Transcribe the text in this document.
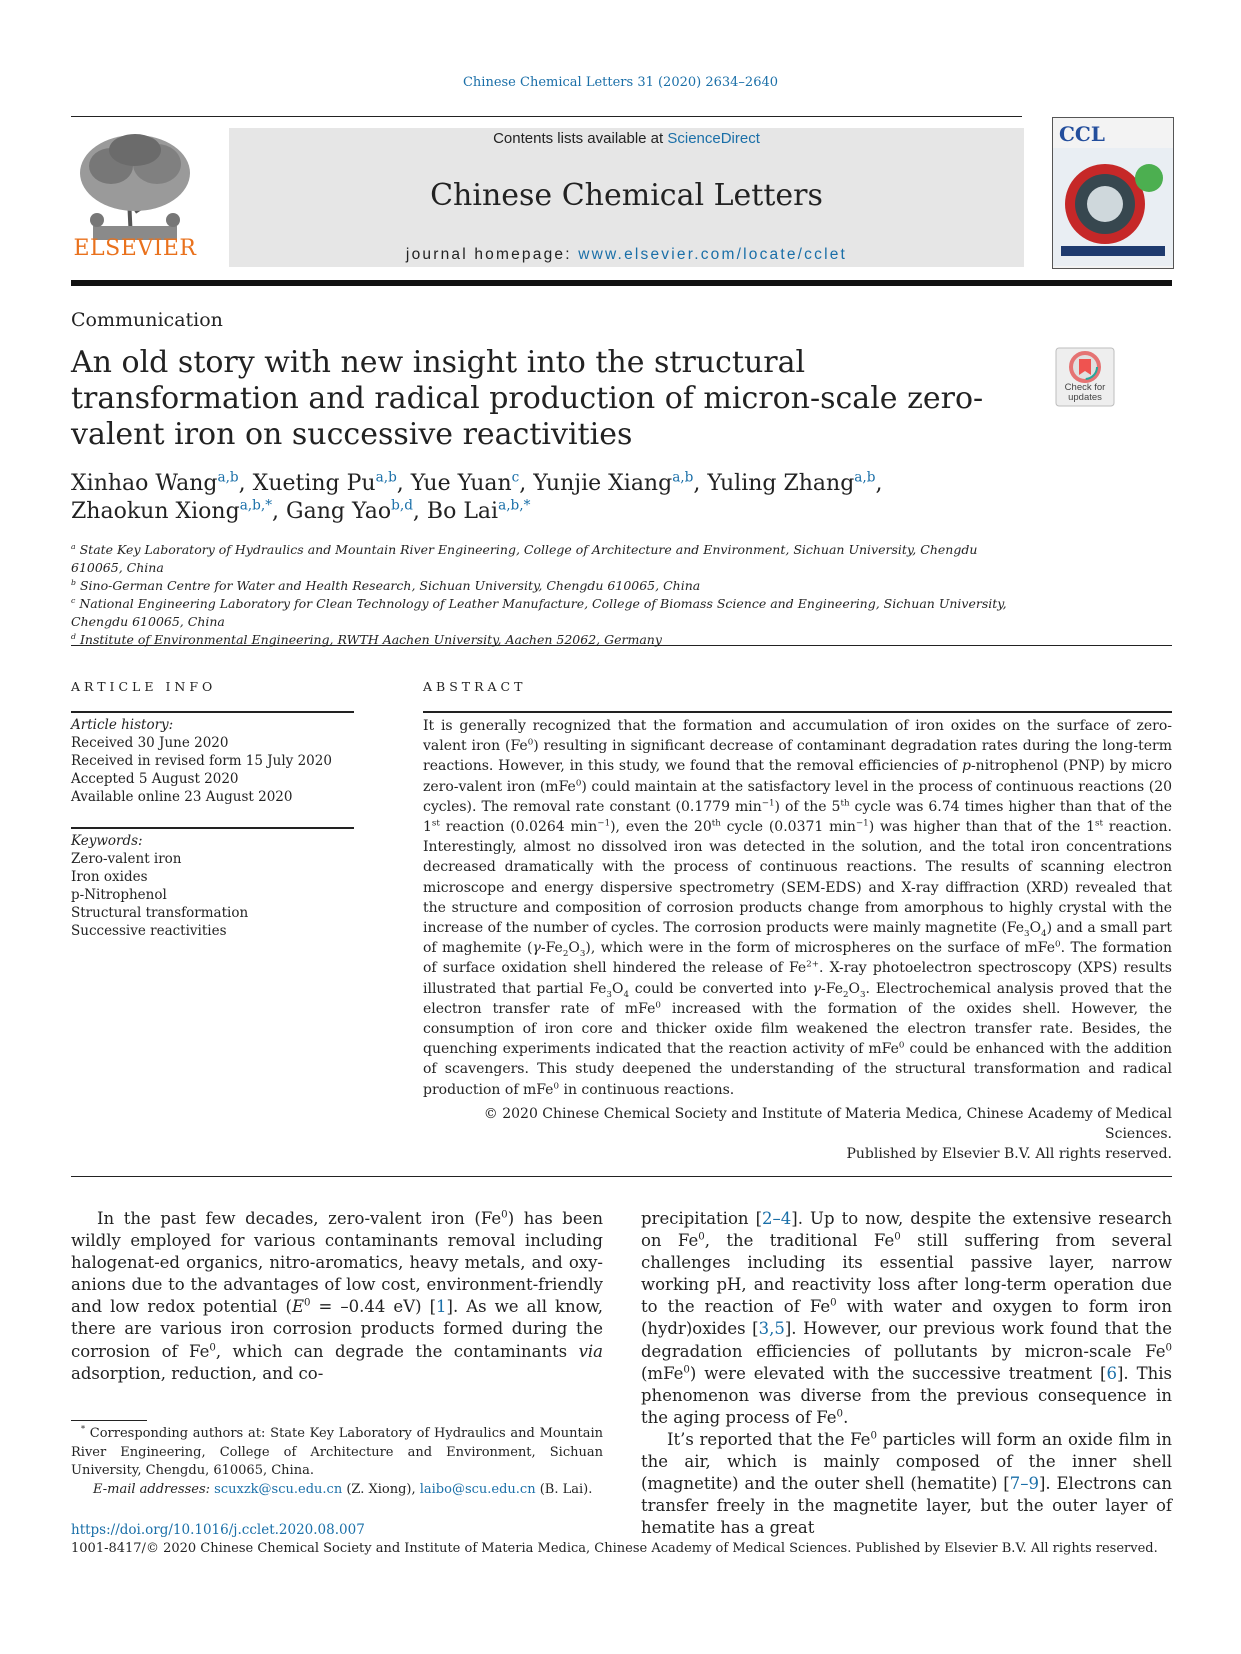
Chinese Chemical Letters 31 (2020) 2634–2640
ELSEVIER
Contents lists available at ScienceDirect
Chinese Chemical Letters
journal homepage: www.elsevier.com/locate/cclet
CCL
Communication
An old story with new insight into the structural transformation and radical production of micron-scale zero-valent iron on successive reactivities
Check for updates
Xinhao Wang$^{a,b}$, Xueting Pu$^{a,b}$, Yue Yuan$^c$, Yunjie Xiang$^{a,b}$, Yuling Zhang$^{a,b}$,
Zhaokun Xiong$^{a,b,*}$, Gang Yao$^{b,d}$, Bo Lai$^{a,b,*}$
$^a$ State Key Laboratory of Hydraulics and Mountain River Engineering, College of Architecture and Environment, Sichuan University, Chengdu 610065, China
$^b$ Sino-German Centre for Water and Health Research, Sichuan University, Chengdu 610065, China
$^c$ National Engineering Laboratory for Clean Technology of Leather Manufacture, College of Biomass Science and Engineering, Sichuan University, Chengdu 610065, China
$^d$ Institute of Environmental Engineering, RWTH Aachen University, Aachen 52062, Germany
ARTICLE INFO
Article history:
Received 30 June 2020
Received in revised form 15 July 2020
Accepted 5 August 2020
Available online 23 August 2020
Keywords:
Zero-valent iron
Iron oxides
p-Nitrophenol
Structural transformation
Successive reactivities
ABSTRACT
It is generally recognized that the formation and accumulation of iron oxides on the surface of zero-valent iron (Fe$^0$) resulting in significant decrease of contaminant degradation rates during the long-term reactions. However, in this study, we found that the removal efficiencies of p-nitrophenol (PNP) by micro zero-valent iron (mFe$^0$) could maintain at the satisfactory level in the process of continuous reactions (20 cycles). The removal rate constant (0.1779 $\min^{-1}$) of the 5th cycle was 6.74 times higher than that of the 1st reaction (0.0264 $\min^{-1}$), even the 20th cycle (0.0371 $\min^{-1}$) was higher than that of the 1st reaction. Interestingly, almost no dissolved iron was detected in the solution, and the total iron concentrations decreased dramatically with the process of continuous reactions. The results of scanning electron microscope and energy dispersive spectrometry (SEM-EDS) and X-ray diffraction (XRD) revealed that the structure and composition of corrosion products change from amorphous to highly crystal with the increase of the number of cycles. The corrosion products were mainly magnetite $(Fe_3O_4)$ and a small part of maghemite $(\gamma-Fe_2O_3)$, which were in the form of microspheres on the surface of mFe$^0$. The formation of surface oxidation shell hindered the release of $Fe^{2+}$. X-ray photoelectron spectroscopy (XPS) results illustrated that partial $Fe_3O_4$ could be converted into $\gamma-Fe_2O_3$. Electrochemical analysis proved that the electron transfer rate of mFe$^0$ increased with the formation of the oxides shell. However, the consumption of iron core and thicker oxide film weakened the electron transfer rate. Besides, the quenching experiments indicated that the reaction activity of mFe$^0$ could be enhanced with the addition of scavengers. This study deepened the understanding of the structural transformation and radical production of mFe$^0$ in continuous reactions.
© 2020 Chinese Chemical Society and Institute of Materia Medica, Chinese Academy of Medical Sciences.
Published by Elsevier B.V. All rights reserved.

In the past few decades, zero-valent iron (Fe$^0$) has been wildly employed for various contaminants removal including halogenat-ed organics, nitro-aromatics, heavy metals, and oxy-anions due to the advantages of low cost, environment-friendly and low redox potential ($E^0 = -0.44$ eV) [1]. As we all know, there are various iron corrosion products formed during the corrosion of Fe$^0$, which can degrade the contaminants via adsorption, reduction, and co-

precipitation [2–4]. Up to now, despite the extensive research on Fe$^0$, the traditional Fe$^0$ still suffering from several challenges including its essential passive layer, narrow working pH, and reactivity loss after long-term operation due to the reaction of Fe$^0$ with water and oxygen to form iron (hydr)oxides [3,5]. However, our previous work found that the degradation efficiencies of pollutants by micron-scale Fe$^0$ (mFe$^0$) were elevated with the successive treatment [6]. This phenomenon was diverse from the previous consequence in the aging process of Fe$^0$.

It’s reported that the Fe$^0$ particles will form an oxide film in the air, which is mainly composed of the inner shell (magnetite) and the outer shell (hematite) [7–9]. Electrons can transfer freely in the magnetite layer, but the outer layer of hematite has a great

* Corresponding authors at: State Key Laboratory of Hydraulics and Mountain River Engineering, College of Architecture and Environment, Sichuan University, Chengdu, 610065, China.
E-mail addresses: scuxzk@scu.edu.cn (Z. Xiong), laibo@scu.edu.cn (B. Lai).
https://doi.org/10.1016/j.cclet.2020.08.007
1001-8417/© 2020 Chinese Chemical Society and Institute of Materia Medica, Chinese Academy of Medical Sciences. Published by Elsevier B.V. All rights reserved.
